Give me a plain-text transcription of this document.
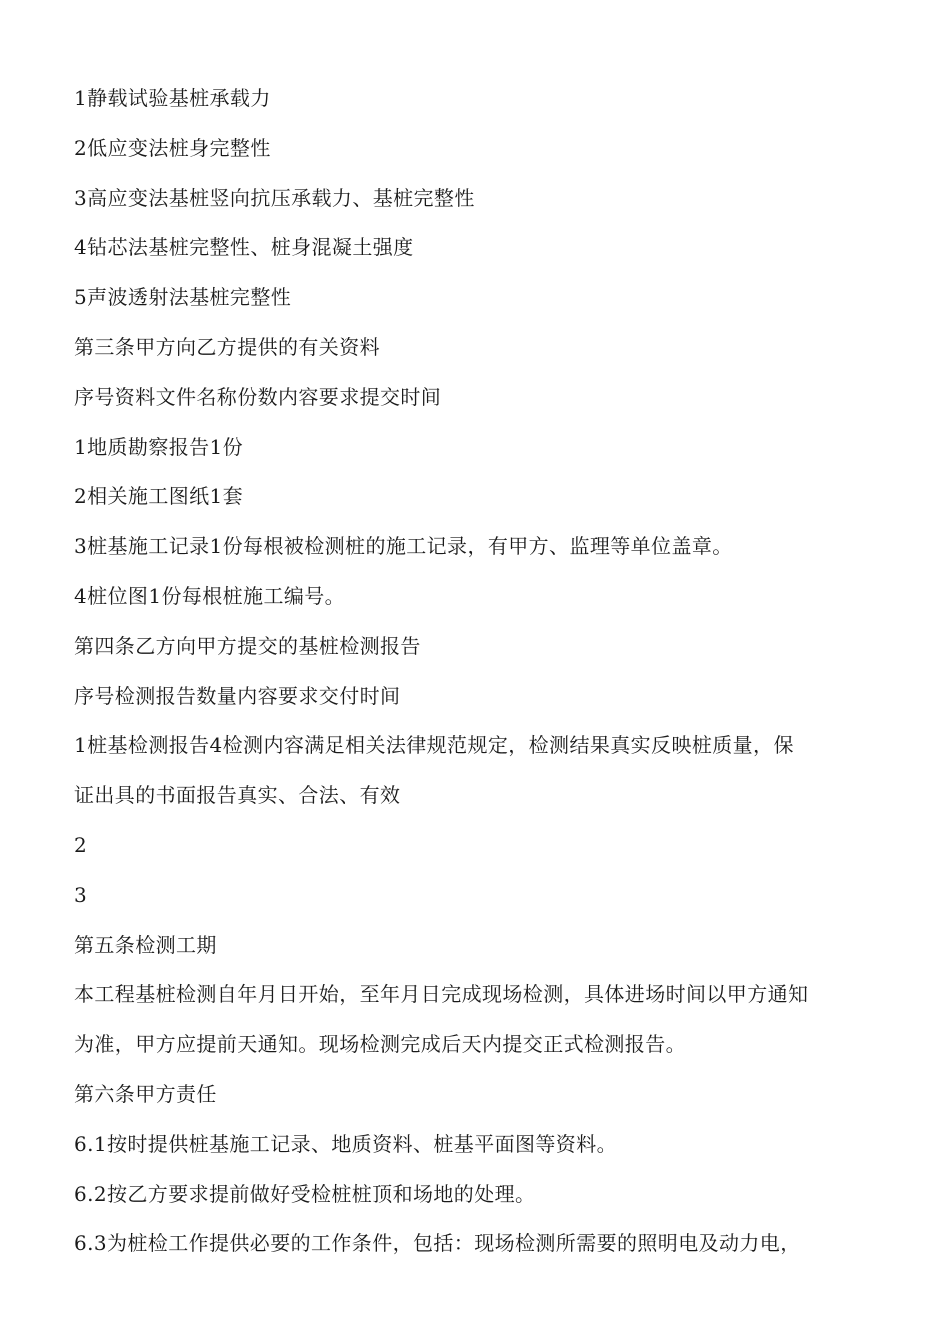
1静载试验基桩承载力
2低应变法桩身完整性
3高应变法基桩竖向抗压承载力、基桩完整性
4钻芯法基桩完整性、桩身混凝土强度
5声波透射法基桩完整性
第三条甲方向乙方提供的有关资料
序号资料文件名称份数内容要求提交时间
1地质勘察报告1份
2相关施工图纸1套
3桩基施工记录1份每根被检测桩的施工记录，有甲方、监理等单位盖章。
4桩位图1份每根桩施工编号。
第四条乙方向甲方提交的基桩检测报告
序号检测报告数量内容要求交付时间
1桩基检测报告4检测内容满足相关法律规范规定，检测结果真实反映桩质量，保
证出具的书面报告真实、合法、有效
2
3
第五条检测工期
本工程基桩检测自年月日开始，至年月日完成现场检测，具体进场时间以甲方通知
为准，甲方应提前天通知。现场检测完成后天内提交正式检测报告。
第六条甲方责任
6.1按时提供桩基施工记录、地质资料、桩基平面图等资料。
6.2按乙方要求提前做好受检桩桩顶和场地的处理。
6.3为桩检工作提供必要的工作条件，包括：现场检测所需要的照明电及动力电，
